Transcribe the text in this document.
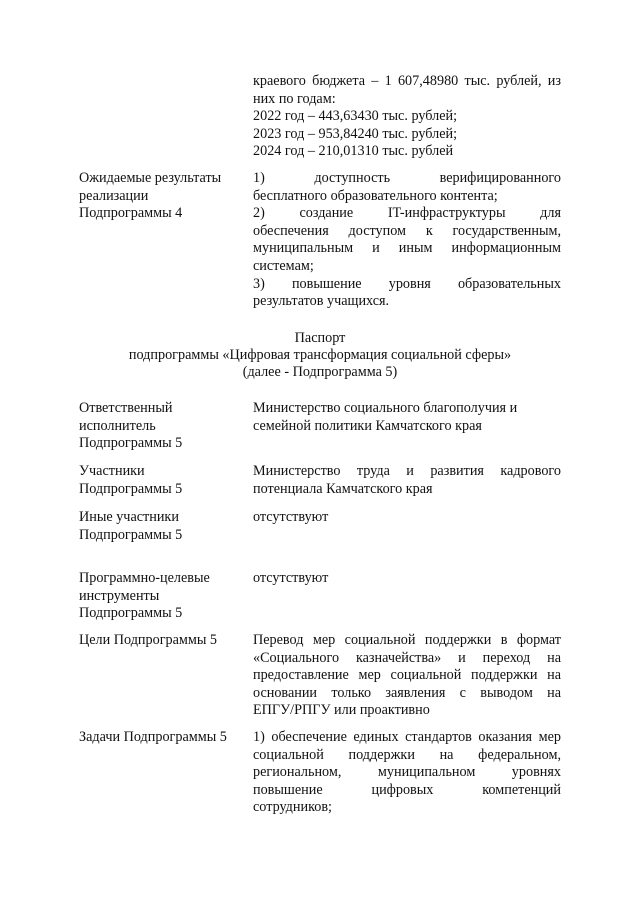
краевого бюджета – 1 607,48980 тыс. рублей, из
них по годам:
2022 год – 443,63430 тыс. рублей;
2023 год – 953,84240 тыс. рублей;
2024 год – 210,01310 тыс. рублей
Ожидаемые результаты
реализации
Подпрограммы 4
1) доступность верифицированного
бесплатного образовательного контента;
2) создание IT-инфраструктуры для
обеспечения доступом к государственным,
муниципальным и иным информационным
системам;
3) повышение уровня образовательных
результатов учащихся.
Паспорт
подпрограммы «Цифровая трансформация социальной сферы»
(далее - Подпрограмма 5)
Ответственный
исполнитель
Подпрограммы 5
Министерство социального благополучия и
семейной политики Камчатского края
Участники
Подпрограммы 5
Министерство труда и развития кадрового
потенциала Камчатского края
Иные участники
Подпрограммы 5
отсутствуют
Программно-целевые
инструменты
Подпрограммы 5
отсутствуют
Цели Подпрограммы 5	Перевод мер социальной поддержки в формат
«Социального казначейства» и переход на
предоставление мер социальной поддержки на
основании только заявления с выводом на
ЕПГУ/РПГУ или проактивно
Задачи Подпрограммы 5	1) обеспечение единых стандартов оказания мер
социальной поддержки на федеральном,
региональном, муниципальном уровнях
повышение цифровых компетенций
сотрудников;
